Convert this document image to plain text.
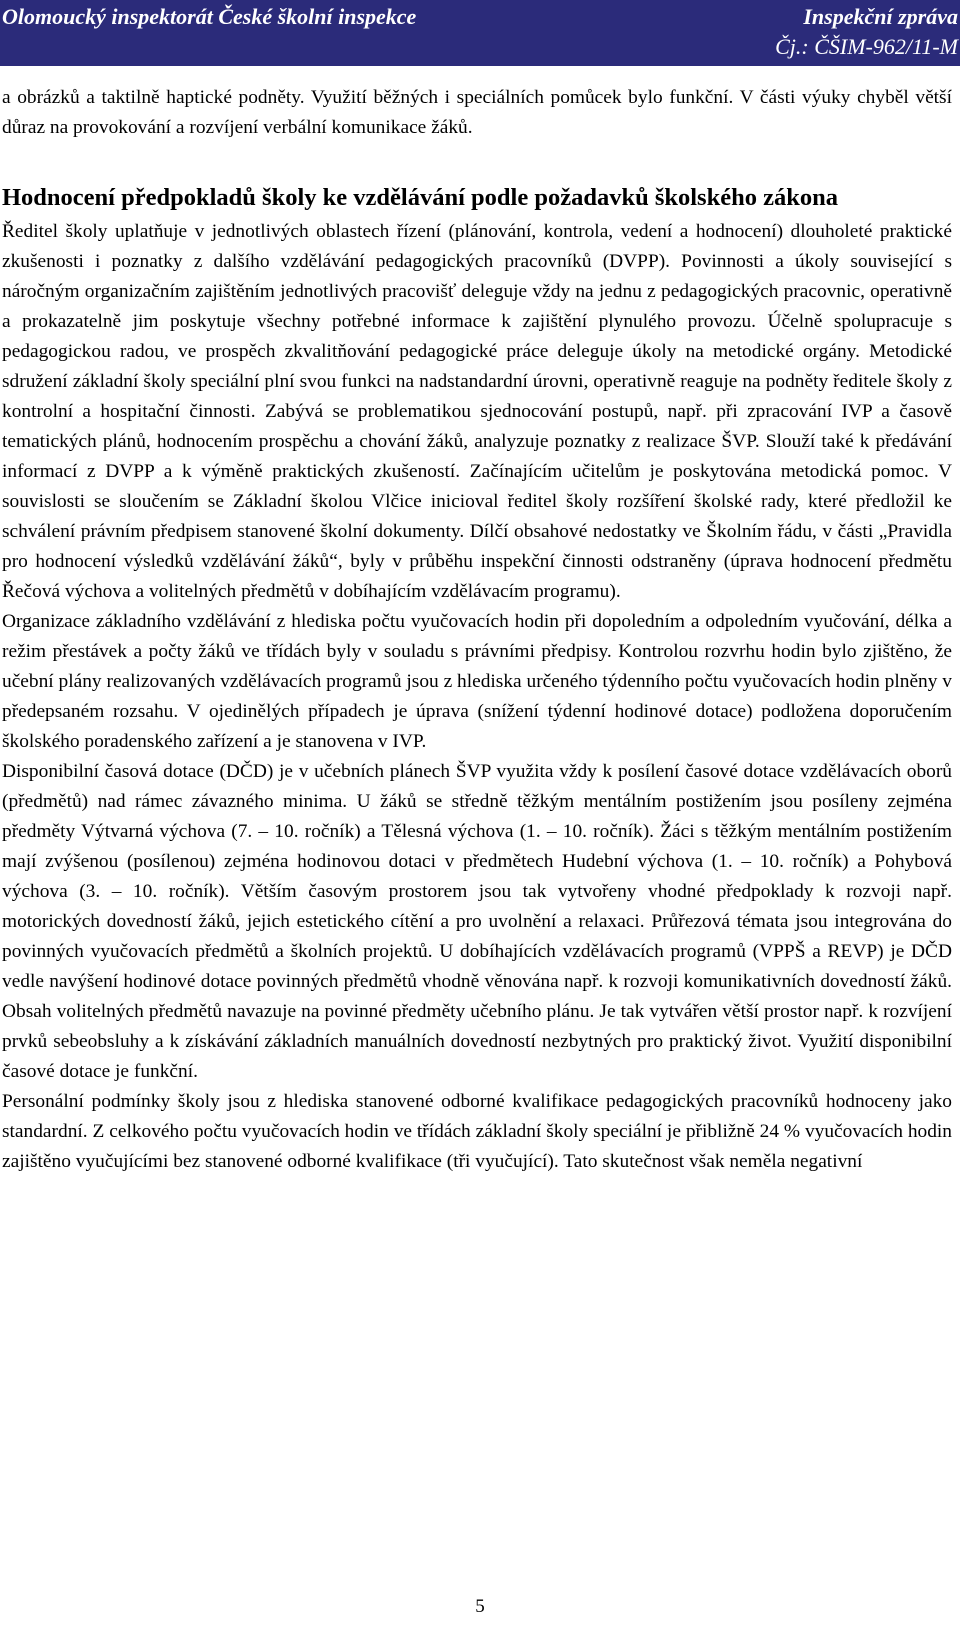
Olomoucký inspektorát České školní inspekce	Inspekční zpráva
Čj.: ČŠIM-962/11-M

a obrázků a taktilně haptické podněty. Využití běžných i speciálních pomůcek bylo funkční. V části výuky chyběl větší důraz na provokování a rozvíjení verbální komunikace žáků.

Hodnocení předpokladů školy ke vzdělávání podle požadavků školského zákona

Ředitel školy uplatňuje v jednotlivých oblastech řízení (plánování, kontrola, vedení a hodnocení) dlouholeté praktické zkušenosti i poznatky z dalšího vzdělávání pedagogických pracovníků (DVPP). Povinnosti a úkoly související s náročným organizačním zajištěním jednotlivých pracovišť deleguje vždy na jednu z pedagogických pracovnic, operativně a prokazatelně jim poskytuje všechny potřebné informace k zajištění plynulého provozu. Účelně spolupracuje s pedagogickou radou, ve prospěch zkvalitňování pedagogické práce deleguje úkoly na metodické orgány. Metodické sdružení základní školy speciální plní svou funkci na nadstandardní úrovni, operativně reaguje na podněty ředitele školy z kontrolní a hospitační činnosti. Zabývá se problematikou sjednocování postupů, např. při zpracování IVP a časově tematických plánů, hodnocením prospěchu a chování žáků, analyzuje poznatky z realizace ŠVP. Slouží také k předávání informací z DVPP a k výměně praktických zkušeností. Začínajícím učitelům je poskytována metodická pomoc. V souvislosti se sloučením se Základní školou Vlčice inicioval ředitel školy rozšíření školské rady, které předložil ke schválení právním předpisem stanovené školní dokumenty. Dílčí obsahové nedostatky ve Školním řádu, v části „Pravidla pro hodnocení výsledků vzdělávání žáků“, byly v průběhu inspekční činnosti odstraněny (úprava hodnocení předmětu Řečová výchova a volitelných předmětů v dobíhajícím vzdělávacím programu).

Organizace základního vzdělávání z hlediska počtu vyučovacích hodin při dopoledním a odpoledním vyučování, délka a režim přestávek a počty žáků ve třídách byly v souladu s právními předpisy. Kontrolou rozvrhu hodin bylo zjištěno, že učební plány realizovaných vzdělávacích programů jsou z hlediska určeného týdenního počtu vyučovacích hodin plněny v předepsaném rozsahu. V ojedinělých případech je úprava (snížení týdenní hodinové dotace) podložena doporučením školského poradenského zařízení a je stanovena v IVP.

Disponibilní časová dotace (DČD) je v učebních plánech ŠVP využita vždy k posílení časové dotace vzdělávacích oborů (předmětů) nad rámec závazného minima. U žáků se středně těžkým mentálním postižením jsou posíleny zejména předměty Výtvarná výchova (7. – 10. ročník) a Tělesná výchova (1. – 10. ročník). Žáci s těžkým mentálním postižením mají zvýšenou (posílenou) zejména hodinovou dotaci v předmětech Hudební výchova (1. – 10. ročník) a Pohybová výchova (3. – 10. ročník). Větším časovým prostorem jsou tak vytvořeny vhodné předpoklady k rozvoji např. motorických dovedností žáků, jejich estetického cítění a pro uvolnění a relaxaci. Průřezová témata jsou integrována do povinných vyučovacích předmětů a školních projektů. U dobíhajících vzdělávacích programů (VPPŠ a REVP) je DČD vedle navýšení hodinové dotace povinných předmětů vhodně věnována např. k rozvoji komunikativních dovedností žáků. Obsah volitelných předmětů navazuje na povinné předměty učebního plánu. Je tak vytvářen větší prostor např. k rozvíjení prvků sebeobsluhy a k získávání základních manuálních dovedností nezbytných pro praktický život. Využití disponibilní časové dotace je funkční.

Personální podmínky školy jsou z hlediska stanovené odborné kvalifikace pedagogických pracovníků hodnoceny jako standardní. Z celkového počtu vyučovacích hodin ve třídách základní školy speciální je přibližně 24 % vyučovacích hodin zajištěno vyučujícími bez stanovené odborné kvalifikace (tři vyučující). Tato skutečnost však neměla negativní

5
